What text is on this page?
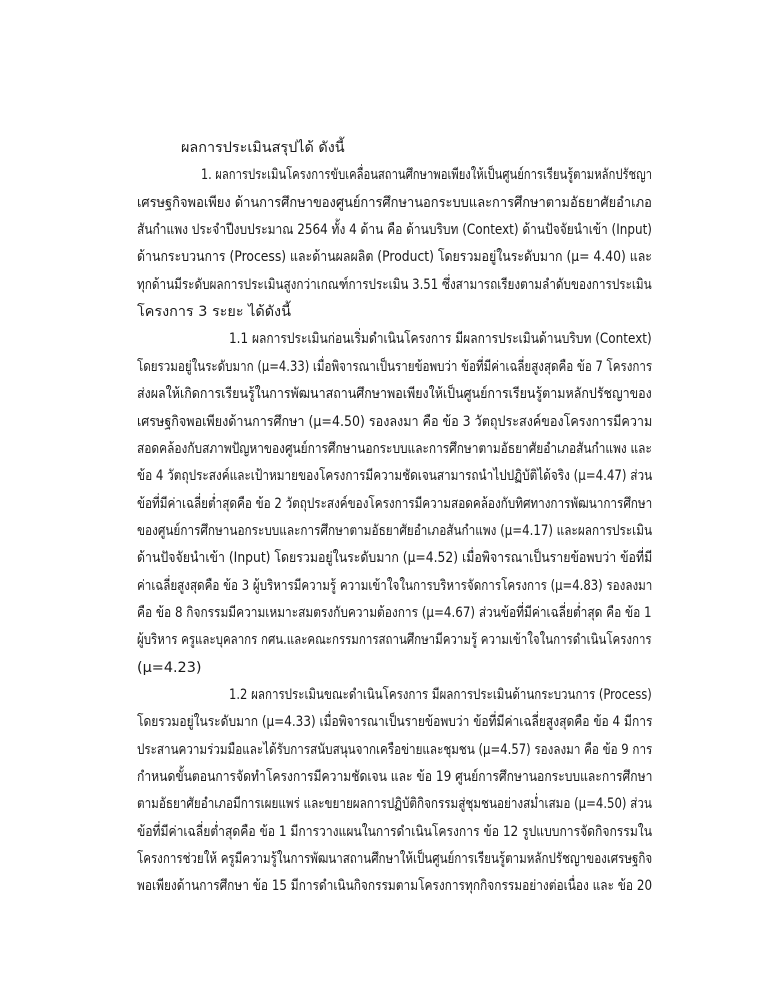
ผลการประเมินสรุปได้ ดังนี้
1. ผลการประเมินโครงการขับเคลื่อนสถานศึกษาพอเพียงให้เป็นศูนย์การเรียนรู้ตามหลักปรัชญา
เศรษฐกิจพอเพียง ด้านการศึกษาของศูนย์การศึกษานอกระบบและการศึกษาตามอัธยาศัยอำเภอ
สันกำแพง ประจำปีงบประมาณ 2564 ทั้ง 4 ด้าน คือ ด้านบริบท (Context) ด้านปัจจัยนำเข้า (Input)
ด้านกระบวนการ (Process) และด้านผลผลิต (Product) โดยรวมอยู่ในระดับมาก (μ= 4.40) และ
ทุกด้านมีระดับผลการประเมินสูงกว่าเกณฑ์การประเมิน 3.51 ซึ่งสามารถเรียงตามลำดับของการประเมิน
โครงการ 3 ระยะ ได้ดังนี้
1.1 ผลการประเมินก่อนเริ่มดำเนินโครงการ มีผลการประเมินด้านบริบท (Context)
โดยรวมอยู่ในระดับมาก (μ=4.33) เมื่อพิจารณาเป็นรายข้อพบว่า ข้อที่มีค่าเฉลี่ยสูงสุดคือ ข้อ 7 โครงการ
ส่งผลให้เกิดการเรียนรู้ในการพัฒนาสถานศึกษาพอเพียงให้เป็นศูนย์การเรียนรู้ตามหลักปรัชญาของ
เศรษฐกิจพอเพียงด้านการศึกษา (μ=4.50) รองลงมา คือ ข้อ 3 วัตถุประสงค์ของโครงการมีความ
สอดคล้องกับสภาพปัญหาของศูนย์การศึกษานอกระบบและการศึกษาตามอัธยาศัยอำเภอสันกำแพง และ
ข้อ 4 วัตถุประสงค์และเป้าหมายของโครงการมีความชัดเจนสามารถนำไปปฏิบัติได้จริง (μ=4.47) ส่วน
ข้อที่มีค่าเฉลี่ยต่ำสุดคือ ข้อ 2 วัตถุประสงค์ของโครงการมีความสอดคล้องกับทิศทางการพัฒนาการศึกษา
ของศูนย์การศึกษานอกระบบและการศึกษาตามอัธยาศัยอำเภอสันกำแพง (μ=4.17) และผลการประเมิน
ด้านปัจจัยนำเข้า (Input) โดยรวมอยู่ในระดับมาก (μ=4.52) เมื่อพิจารณาเป็นรายข้อพบว่า ข้อที่มี
ค่าเฉลี่ยสูงสุดคือ ข้อ 3 ผู้บริหารมีความรู้ ความเข้าใจในการบริหารจัดการโครงการ (μ=4.83) รองลงมา
คือ ข้อ 8 กิจกรรมมีความเหมาะสมตรงกับความต้องการ (μ=4.67) ส่วนข้อที่มีค่าเฉลี่ยต่ำสุด คือ ข้อ 1
ผู้บริหาร ครูและบุคลากร กศน.และคณะกรรมการสถานศึกษามีความรู้ ความเข้าใจในการดำเนินโครงการ
(μ=4.23)
1.2 ผลการประเมินขณะดำเนินโครงการ มีผลการประเมินด้านกระบวนการ (Process)
โดยรวมอยู่ในระดับมาก (μ=4.33) เมื่อพิจารณาเป็นรายข้อพบว่า ข้อที่มีค่าเฉลี่ยสูงสุดคือ ข้อ 4 มีการ
ประสานความร่วมมือและได้รับการสนับสนุนจากเครือข่ายและชุมชน (μ=4.57) รองลงมา คือ ข้อ 9 การ
กำหนดขั้นตอนการจัดทำโครงการมีความชัดเจน และ ข้อ 19 ศูนย์การศึกษานอกระบบและการศึกษา
ตามอัธยาศัยอำเภอมีการเผยแพร่ และขยายผลการปฏิบัติกิจกรรมสู่ชุมชนอย่างสม่ำเสมอ (μ=4.50) ส่วน
ข้อที่มีค่าเฉลี่ยต่ำสุดคือ ข้อ 1 มีการวางแผนในการดำเนินโครงการ ข้อ 12 รูปแบบการจัดกิจกรรมใน
โครงการช่วยให้ ครูมีความรู้ในการพัฒนาสถานศึกษาให้เป็นศูนย์การเรียนรู้ตามหลักปรัชญาของเศรษฐกิจ
พอเพียงด้านการศึกษา ข้อ 15 มีการดำเนินกิจกรรมตามโครงการทุกกิจกรรมอย่างต่อเนื่อง และ ข้อ 20
